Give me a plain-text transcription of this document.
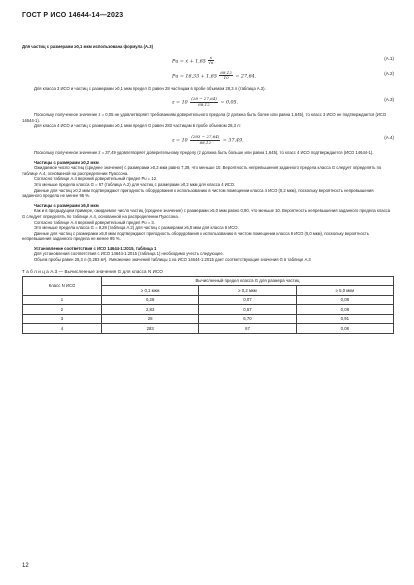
ГОСТ Р ИСО 14644-14—2023
Для частиц с размерами ≥0,1 мкм использована формула (А.3)
Pu = ẋ + $1,65 \frac{\text{ẋ}}{√n}$	(А.1)
$Pu = 16,33 + 1,65 \frac{68,12}{10} = 27,64$.
(А.2)
Для класса 3 ИСО и частиц с размерами ≥0,1 мкм предел G равен 28 частицам в пробе объемом 28,3 л (таблица А.3).
$z = 10 \frac{(28 - 27,64)}{68,12} = 0,05$.
(А.3)
Поскольку полученное значение z = 0,05 не удовлетворяет требованиям доверительного предела (z должна быть более или равна 1,645), то класс 3 ИСО не подтверждается (ИСО 14644-1).
Для класса 4 ИСО и частиц с размерами ≥0,1 мкм предел G равен 283 частицам в пробе объемом 28,3 л:
$z = 10 \frac{(283 - 27,64)}{68,12} = 37,49$.
(А.4)
Поскольку полученное значение z = 37,49 удовлетворяет доверительному пределу (z должна быть больше или равна 1,645), то класс 4 ИСО подтверждается (ИСО 14644-1).
Частицы с размерами ≥0,2 мкм
Ожидаемое число частиц (среднее значение) с размерами ≥0,2 мкм равно 7,39, что меньше 10. Вероятность непревышения заданного предела класса G следует определять по таблице А.4, основанной на распределении Пуассона.
Согласно таблице А.4 верхний доверительный предел Pu = 12.
Это меньше предела класса G = 67 (таблица А.2) для частиц с размерами ≥0,2 мкм для класса 4 ИСО.
Данные для частиц ≥0,2 мкм подтверждают пригодность оборудования к использованию в чистом помещении класса 4 ИСО (0,2 мкм), поскольку вероятность непревышения заданного предела не менее 95 %.
Частицы с размерами ≥5,0 мкм
Как и в предыдущем примере, ожидаемое число частиц (среднее значение) с размерами ≥5,0 мкм равно 0,90, что меньше 10. Вероятность непревышения заданного предела класса G следует определять по таблице А.4, основанной на распределении Пуассона.
Согласно таблице А.4 верхний доверительный предел Pu = 3.
Это меньше предела класса G = 8,28 (таблица А.2) для частиц с размерами ≥5,0 мкм для класса 6 ИСО.
Данные для частиц с размерами ≥5,0 мкм подтверждают пригодность оборудования к использованию в чистом помещении класса 6 ИСО (5,0 мкм), поскольку вероятность непревышения заданного предела не менее 95 %.
Установление соответствия с ИСО 14644-1:2015, таблица 1
Для установления соответствия с ИСО 14644-1:2015 (таблица 1) необходимо учесть следующее.
Объем пробы равен 28,3 л (0,283 м³). Умножение значений таблицы 1 из ИСО 14644-1:2015 дает соответствующие значения G в таблице А.3
Т а б л и ц а А.3 — Вычисленные значения G для класса N ИСО
Класс N ИСО	Вычисленный предел класса G для размера частиц		
	≥ 0,1 мкм	≥ 0,2 мкм	≥ 5,0 мкм
1	0,28	0,07	0,08
2	2,83	0,67	0,08
3	28	6,70	0,91
4	283	67	0,08
12
